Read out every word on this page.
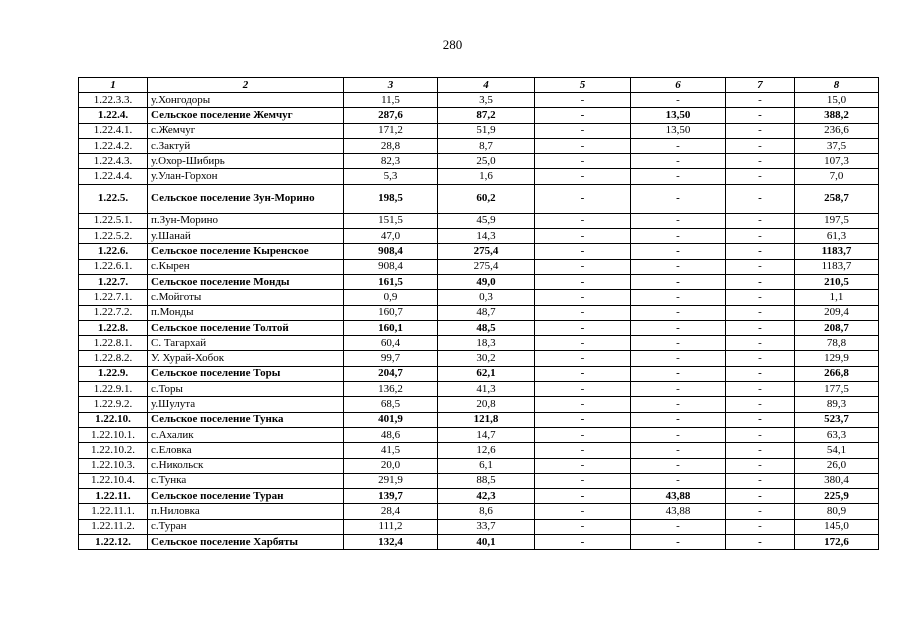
280
1	2	3	4	5	6	7	8
1.22.3.3.	у.Хонгодоры	11,5	3,5	-	-	-	15,0
1.22.4.	Сельское поселение Жемчуг	287,6	87,2	-	13,50	-	388,2
1.22.4.1.	с.Жемчуг	171,2	51,9	-	13,50	-	236,6
1.22.4.2.	с.Зактуй	28,8	8,7	-	-	-	37,5
1.22.4.3.	у.Охор-Шибирь	82,3	25,0	-	-	-	107,3
1.22.4.4.	у.Улан-Горхон	5,3	1,6	-	-	-	7,0
1.22.5.	Сельское поселение Зун-Морино	198,5	60,2	-	-	-	258,7
1.22.5.1.	п.Зун-Морино	151,5	45,9	-	-	-	197,5
1.22.5.2.	у.Шанай	47,0	14,3	-	-	-	61,3
1.22.6.	Сельское поселение Кыренское	908,4	275,4	-	-	-	1183,7
1.22.6.1.	с.Кырен	908,4	275,4	-	-	-	1183,7
1.22.7.	Сельское поселение Монды	161,5	49,0	-	-	-	210,5
1.22.7.1.	с.Мойготы	0,9	0,3	-	-	-	1,1
1.22.7.2.	п.Монды	160,7	48,7	-	-	-	209,4
1.22.8.	Сельское поселение Толтой	160,1	48,5	-	-	-	208,7
1.22.8.1.	С. Тагархай	60,4	18,3	-	-	-	78,8
1.22.8.2.	У. Хурай-Хобок	99,7	30,2	-	-	-	129,9
1.22.9.	Сельское поселение Торы	204,7	62,1	-	-	-	266,8
1.22.9.1.	с.Торы	136,2	41,3	-	-	-	177,5
1.22.9.2.	у.Шулута	68,5	20,8	-	-	-	89,3
1.22.10.	Сельское поселение Тунка	401,9	121,8	-	-	-	523,7
1.22.10.1.	с.Ахалик	48,6	14,7	-	-	-	63,3
1.22.10.2.	с.Еловка	41,5	12,6	-	-	-	54,1
1.22.10.3.	с.Никольск	20,0	6,1	-	-	-	26,0
1.22.10.4.	с.Тунка	291,9	88,5	-	-	-	380,4
1.22.11.	Сельское поселение Туран	139,7	42,3	-	43,88	-	225,9
1.22.11.1.	п.Ниловка	28,4	8,6	-	43,88	-	80,9
1.22.11.2.	с.Туран	111,2	33,7	-	-	-	145,0
1.22.12.	Сельское поселение Харбяты	132,4	40,1	-	-	-	172,6
